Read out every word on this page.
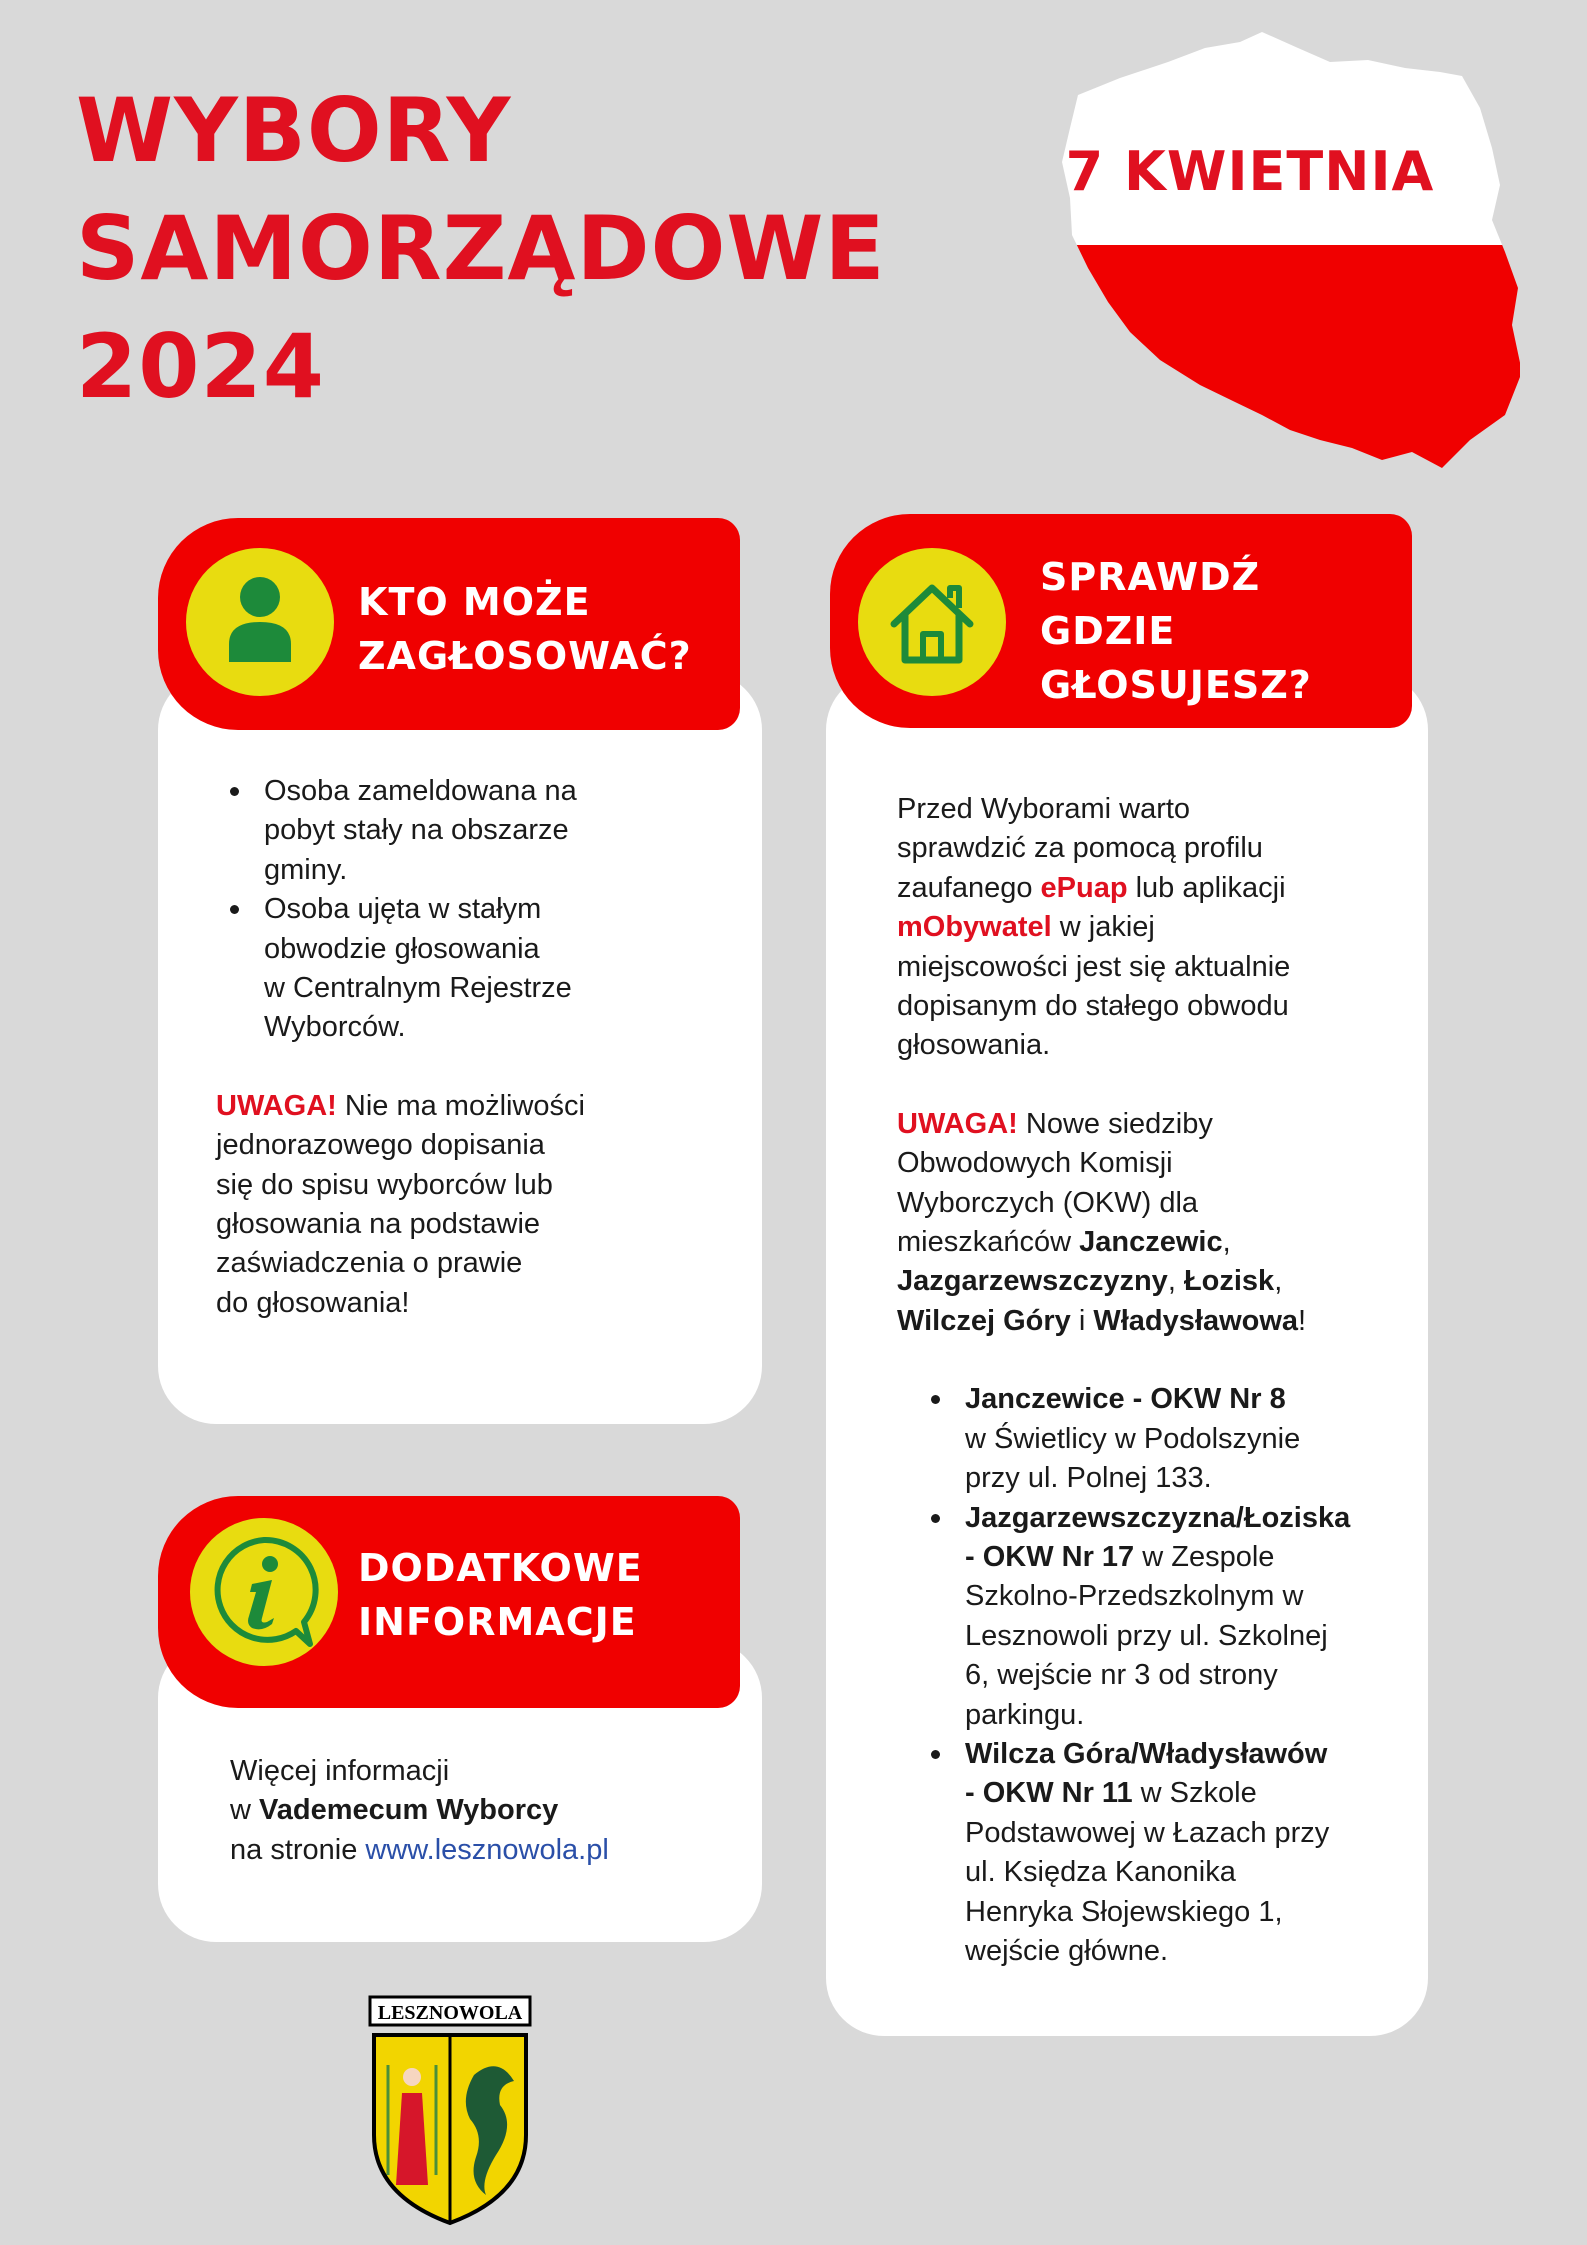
WYBORY
SAMORZĄDOWE
2024
7 KWIETNIA
KTO MOŻE
ZAGŁOSOWAĆ?
Osoba zameldowana na
pobyt stały na obszarze
gminy.
Osoba ujęta w stałym
obwodzie głosowania
w Centralnym Rejestrze
Wyborców.

UWAGA! Nie ma możliwości
jednorazowego dopisania
się do spisu wyborców lub
głosowania na podstawie
zaświadczenia o prawie
do głosowania!

SPRAWDŹ
GDZIE
GŁOSUJESZ?

Przed Wyborami warto
sprawdzić za pomocą profilu
zaufanego ePuap lub aplikacji
mObywatel w jakiej
miejscowości jest się aktualnie
dopisanym do stałego obwodu
głosowania.

UWAGA! Nowe siedziby
Obwodowych Komisji
Wyborczych (OKW) dla
mieszkańców Janczewic,
Jazgarzewszczyzny, Łozisk,
Wilczej Góry i Władysławowa!

Janczewice - OKW Nr 8
w Świetlicy w Podolszynie
przy ul. Polnej 133.
Jazgarzewszczyzna/Łoziska
- OKW Nr 17 w Zespole
Szkolno-Przedszkolnym w
Lesznowoli przy ul. Szkolnej
6, wejście nr 3 od strony
parkingu.
Wilcza Góra/Władysławów
- OKW Nr 11 w Szkole
Podstawowej w Łazach przy
ul. Księdza Kanonika
Henryka Słojewskiego 1,
wejście główne.
DODATKOWE
INFORMACJE

Więcej informacji
w Vademecum Wyborcy
na stronie www.lesznowola.pl

LESZNOWOLA
